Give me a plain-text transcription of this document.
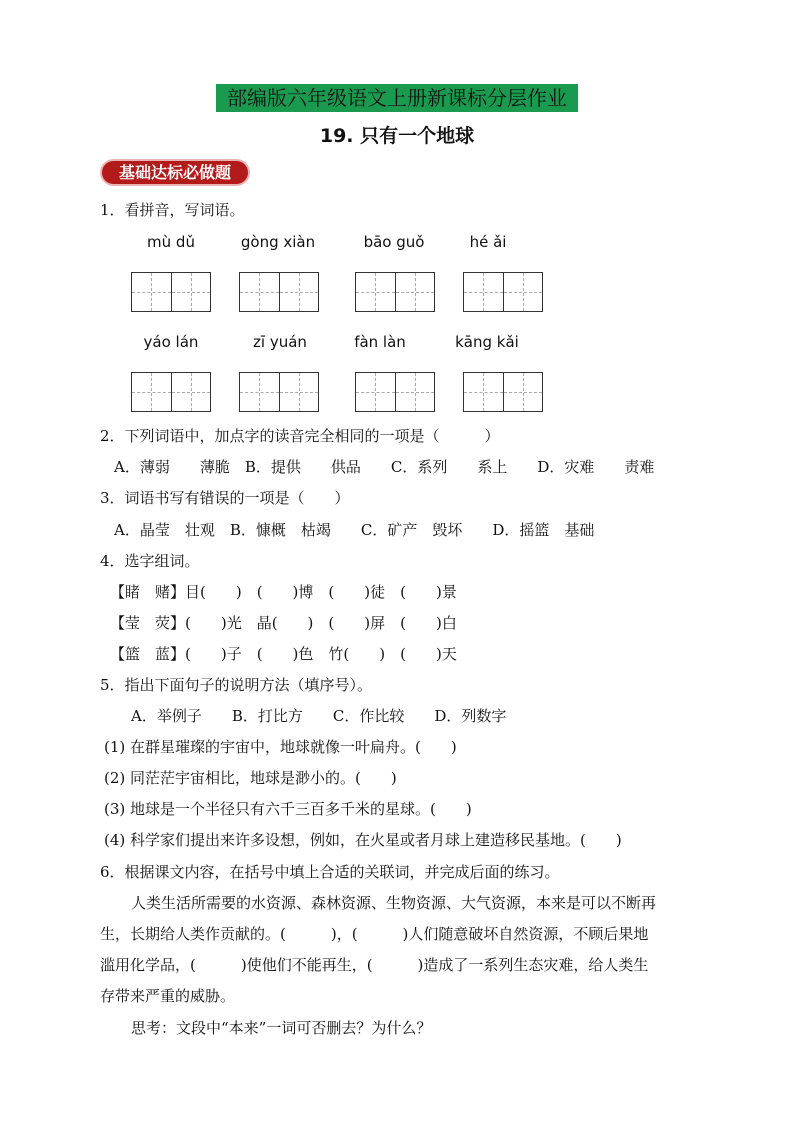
部编版六年级语文上册新课标分层作业
19. 只有一个地球
基础达标必做题
1．看拼音，写词语。
mù dǔ	gòng xiàn	bāo guǒ	hé ǎi
yáo lán	zī yuán	fàn làn	kāng kǎi
2．下列词语中，加点字的读音完全相同的一项是（　　　）
A．薄弱　　薄脆　B．提供　　供品　　C．系列　　系上　　D．灾难　　责难
3．词语书写有错误的一项是（　　）
A．晶莹　壮观　B．慷概　枯竭　　C．矿产　毁坏　　D．摇篮　基础
4．选字组词。
【睹　赌】目(　　)　(　　)博　(　　)徒　(　　)景
【莹　荧】(　　)光　晶(　　)　(　　)屏　(　　)白
【篮　蓝】(　　)子　(　　)色　竹(　　)　(　　)天
5．指出下面句子的说明方法（填序号）。
A．举例子　　B．打比方　　C．作比较　　D．列数字
(1) 在群星璀璨的宇宙中，地球就像一叶扁舟。(　　)
(2) 同茫茫宇宙相比，地球是渺小的。(　　)
(3) 地球是一个半径只有六千三百多千米的星球。(　　)
(4) 科学家们提出来许多设想，例如，在火星或者月球上建造移民基地。(　　)
6．根据课文内容，在括号中填上合适的关联词，并完成后面的练习。
人类生活所需要的水资源、森林资源、生物资源、大气资源，本来是可以不断再
生，长期给人类作贡献的。(　　　)，(　　　)人们随意破坏自然资源，不顾后果地
滥用化学品，(　　　)使他们不能再生，(　　　)造成了一系列生态灾难，给人类生
存带来严重的威胁。
思考：文段中“本来”一词可否删去？为什么？
